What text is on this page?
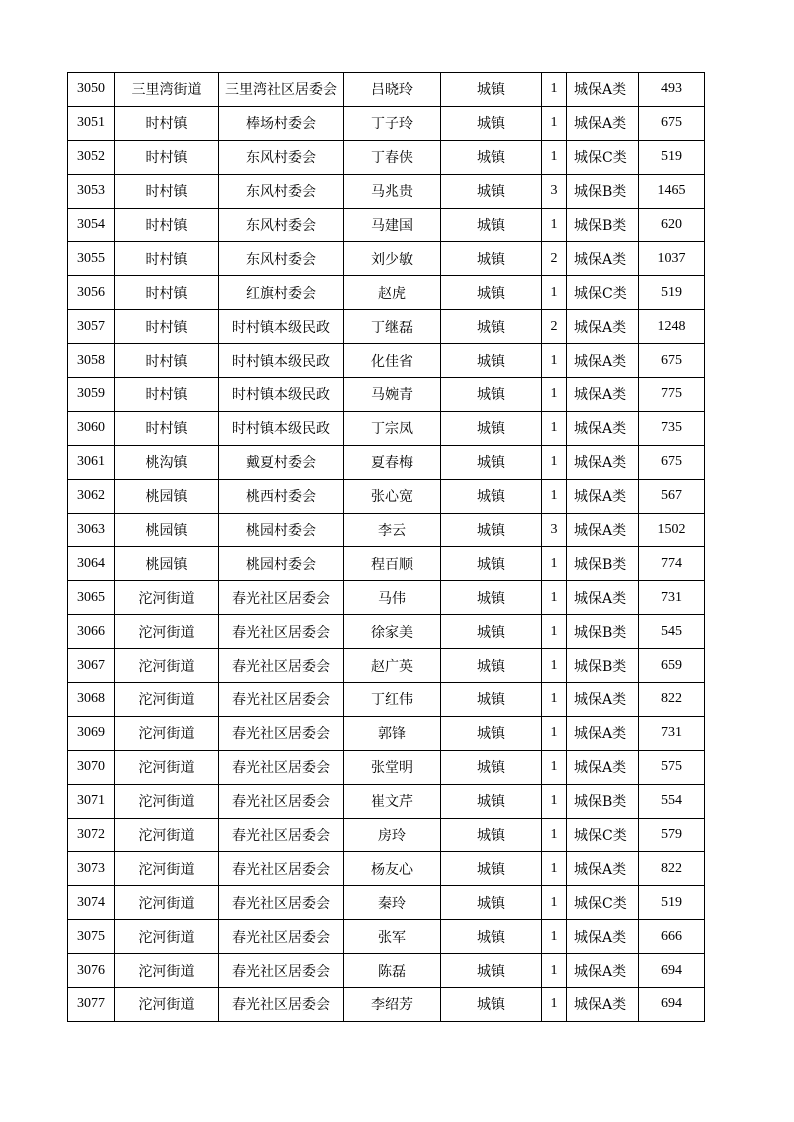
3050	三里湾街道	三里湾社区居委会	吕晓玲	城镇	1	城保A类	493
3051	时村镇	棒场村委会	丁子玲	城镇	1	城保A类	675
3052	时村镇	东风村委会	丁春侠	城镇	1	城保C类	519
3053	时村镇	东风村委会	马兆贵	城镇	3	城保B类	1465
3054	时村镇	东风村委会	马建国	城镇	1	城保B类	620
3055	时村镇	东风村委会	刘少敏	城镇	2	城保A类	1037
3056	时村镇	红旗村委会	赵虎	城镇	1	城保C类	519
3057	时村镇	时村镇本级民政	丁继磊	城镇	2	城保A类	1248
3058	时村镇	时村镇本级民政	化佳省	城镇	1	城保A类	675
3059	时村镇	时村镇本级民政	马婉青	城镇	1	城保A类	775
3060	时村镇	时村镇本级民政	丁宗凤	城镇	1	城保A类	735
3061	桃沟镇	戴夏村委会	夏春梅	城镇	1	城保A类	675
3062	桃园镇	桃西村委会	张心宽	城镇	1	城保A类	567
3063	桃园镇	桃园村委会	李云	城镇	3	城保A类	1502
3064	桃园镇	桃园村委会	程百顺	城镇	1	城保B类	774
3065	沱河街道	春光社区居委会	马伟	城镇	1	城保A类	731
3066	沱河街道	春光社区居委会	徐家美	城镇	1	城保B类	545
3067	沱河街道	春光社区居委会	赵广英	城镇	1	城保B类	659
3068	沱河街道	春光社区居委会	丁红伟	城镇	1	城保A类	822
3069	沱河街道	春光社区居委会	郭锋	城镇	1	城保A类	731
3070	沱河街道	春光社区居委会	张堂明	城镇	1	城保A类	575
3071	沱河街道	春光社区居委会	崔文芹	城镇	1	城保B类	554
3072	沱河街道	春光社区居委会	房玲	城镇	1	城保C类	579
3073	沱河街道	春光社区居委会	杨友心	城镇	1	城保A类	822
3074	沱河街道	春光社区居委会	秦玲	城镇	1	城保C类	519
3075	沱河街道	春光社区居委会	张军	城镇	1	城保A类	666
3076	沱河街道	春光社区居委会	陈磊	城镇	1	城保A类	694
3077	沱河街道	春光社区居委会	李绍芳	城镇	1	城保A类	694
